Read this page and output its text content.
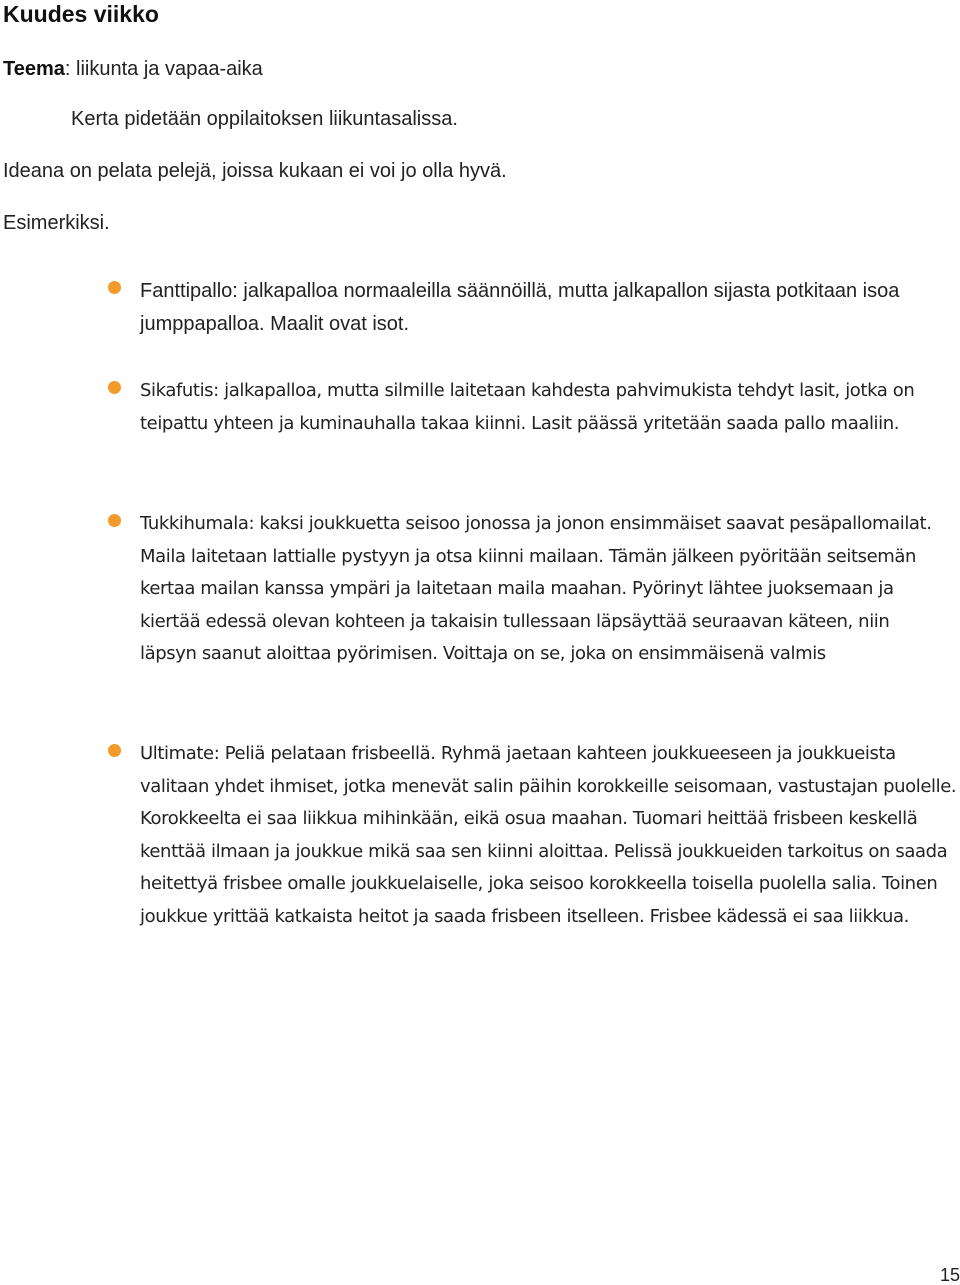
Kuudes viikko

Teema: liikunta ja vapaa-aika

Kerta pidetään oppilaitoksen liikuntasalissa.

Ideana on pelata pelejä, joissa kukaan ei voi jo olla hyvä.

Esimerkiksi.

Fanttipallo: jalkapalloa normaaleilla säännöillä, mutta jalkapallon sijasta potkitaan isoa jumppapalloa. Maalit ovat isot.

Sikafutis: jalkapalloa, mutta silmille laitetaan kahdesta pahvimukista tehdyt lasit, jotka on teipattu yhteen ja kuminauhalla takaa kiinni. Lasit päässä yritetään saada pallo maaliin.

Tukkihumala: kaksi joukkuetta seisoo jonossa ja jonon ensimmäiset saavat pesäpallomailat. Maila laitetaan lattialle pystyyn ja otsa kiinni mailaan. Tämän jälkeen pyöritään seitsemän kertaa mailan kanssa ympäri ja laitetaan maila maahan. Pyörinyt lähtee juoksemaan ja kiertää edessä olevan kohteen ja takaisin tullessaan läpsäyttää seuraavan käteen, niin läpsyn saanut aloittaa pyörimisen. Voittaja on se, joka on ensimmäisenä valmis

Ultimate: Peliä pelataan frisbeellä. Ryhmä jaetaan kahteen joukkueeseen ja joukkueista valitaan yhdet ihmiset, jotka menevät salin päihin korokkeille seisomaan, vastustajan puolelle. Korokkeelta ei saa liikkua mihinkään, eikä osua maahan. Tuomari heittää frisbeen keskellä kenttää ilmaan ja joukkue mikä saa sen kiinni aloittaa. Pelissä joukkueiden tarkoitus on saada heitettyä frisbee omalle joukkuelaiselle, joka seisoo korokkeella toisella puolella salia. Toinen joukkue yrittää katkaista heitot ja saada frisbeen itselleen. Frisbee kädessä ei saa liikkua.

15
